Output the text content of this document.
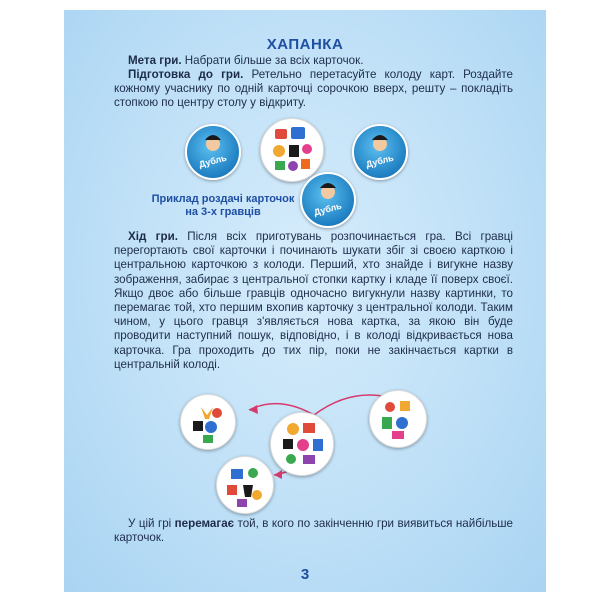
ХАПАНКА
Мета гри. Набрати більше за всіх карточок.
Підготовка до гри. Ретельно перетасуйте колоду карт. Роздайте кожному учаснику по одній карточці сорочкою вверх, решту – покладіть стопкою по центру столу у відкриту.
Дубль	Дубль
Дубль
Приклад роздачі карточок
на 3-х гравців
Хід гри. Після всіх приготувань розпочинається гра. Всі гравці перегортають свої карточки і починають шукати збіг зі своєю карткою і центральною карточкою з колоди. Перший, хто знайде і вигукне назву зображення, забирає з центральної стопки картку і кладе її поверх своєї. Якщо двоє або більше гравців одночасно вигукнули назву картинки, то перемагає той, хто першим вхопив карточку з центральної колоди. Таким чином, у цього гравця з'являється нова картка, за якою він буде проводити наступний пошук, відповідно, і в колоді відкривається нова карточка. Гра проходить до тих пір, поки не закінчається картки в центральній колоді.
У цій грі перемагає той, в кого по закінченню гри виявиться найбільше карточок.
3
